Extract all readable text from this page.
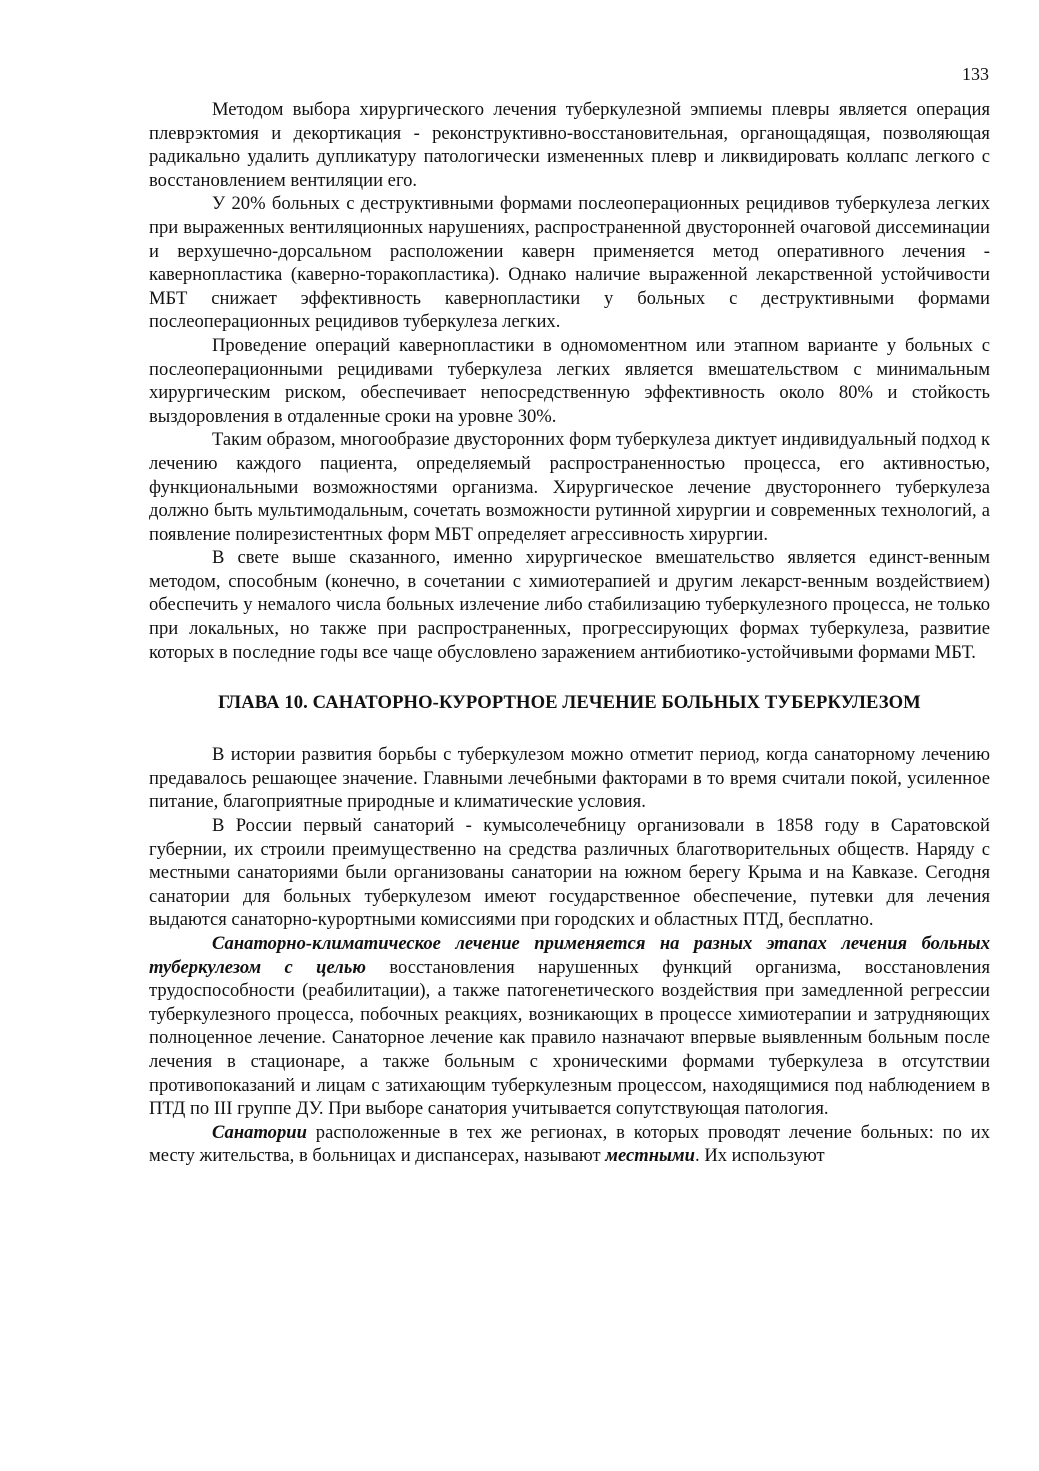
133

Методом выбора хирургического лечения туберкулезной эмпиемы плевры является операция плеврэктомия и декортикация - реконструктивно-восстановительная, органощадящая, позволяющая радикально удалить дупликатуру патологически измененных плевр и ликвидировать коллапс легкого с восстановлением вентиляции его.

У 20% больных с деструктивными формами послеоперационных рецидивов туберкулеза легких при выраженных вентиляционных нарушениях, распространенной двусторонней очаговой диссеминации и верхушечно-дорсальном расположении каверн применяется метод оперативного лечения - кавернопластика (каверно-торакопластика). Однако наличие выраженной лекарственной устойчивости МБТ снижает эффективность кавернопластики у больных с деструктивными формами послеоперационных рецидивов туберкулеза легких.

Проведение операций кавернопластики в одномоментном или этапном варианте у больных с послеоперационными рецидивами туберкулеза легких является вмешательством с минимальным хирургическим риском, обеспечивает непосредственную эффективность около 80% и стойкость выздоровления в отдаленные сроки на уровне 30%.

Таким образом, многообразие двусторонних форм туберкулеза диктует индивидуальный подход к лечению каждого пациента, определяемый распространенностью процесса, его активностью, функциональными возможностями организма. Хирургическое лечение двустороннего туберкулеза должно быть мультимодальным, сочетать возможности рутинной хирургии и современных технологий, а появление полирезистентных форм МБТ определяет агрессивность хирургии.

В свете выше сказанного, именно хирургическое вмешательство является единст-венным методом, способным (конечно, в сочетании с химиотерапией и другим лекарст-венным воздействием) обеспечить у немалого числа больных излечение либо стабилизацию туберкулезного процесса, не только при локальных, но также при распространенных, прогрессирующих формах туберкулеза, развитие которых в последние годы все чаще обусловлено заражением антибиотико-устойчивыми формами МБТ.

ГЛАВА 10. САНАТОРНО-КУРОРТНОЕ ЛЕЧЕНИЕ БОЛЬНЫХ ТУБЕРКУЛЕЗОМ

В истории развития борьбы с туберкулезом можно отметит период, когда санаторному лечению предавалось решающее значение. Главными лечебными факторами в то время считали покой, усиленное питание, благоприятные природные и климатические условия.

В России первый санаторий - кумысолечебницу организовали в 1858 году в Саратовской губернии, их строили преимущественно на средства различных благотворительных обществ. Наряду с местными санаториями были организованы санатории на южном берегу Крыма и на Кавказе. Сегодня санатории для больных туберкулезом имеют государственное обеспечение, путевки для лечения выдаются санаторно-курортными комиссиями при городских и областных ПТД, бесплатно.

Санаторно-климатическое лечение применяется на разных этапах лечения больных туберкулезом с целью восстановления нарушенных функций организма, восстановления трудоспособности (реабилитации), а также патогенетического воздействия при замедленной регрессии туберкулезного процесса, побочных реакциях, возникающих в процессе химиотерапии и затрудняющих полноценное лечение. Санаторное лечение как правило назначают впервые выявленным больным после лечения в стационаре, а также больным с хроническими формами туберкулеза в отсутствии противопоказаний и лицам с затихающим туберкулезным процессом, находящимися под наблюдением в ПТД по III группе ДУ. При выборе санатория учитывается сопутствующая патология.

Санатории расположенные в тех же регионах, в которых проводят лечение больных: по их месту жительства, в больницах и диспансерах, называют местными. Их используют
